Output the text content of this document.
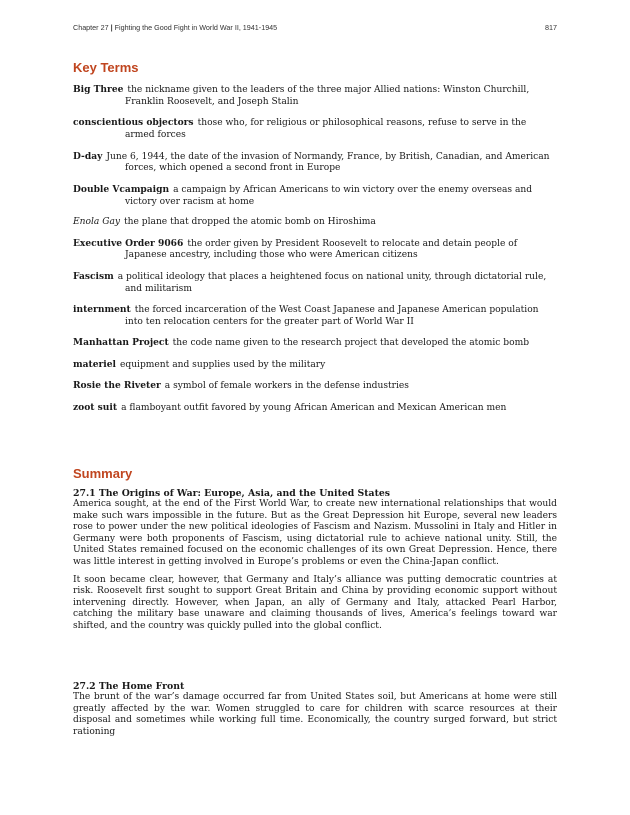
Chapter 27 | Fighting the Good Fight in World War II, 1941-1945	817
Key Terms
Big Three the nickname given to the leaders of the three major Allied nations: Winston Churchill, Franklin Roosevelt, and Joseph Stalin
conscientious objectors those who, for religious or philosophical reasons, refuse to serve in the armed forces
D-day June 6, 1944, the date of the invasion of Normandy, France, by British, Canadian, and American forces, which opened a second front in Europe
Double Vcampaign a campaign by African Americans to win victory over the enemy overseas and victory over racism at home
Enola Gay the plane that dropped the atomic bomb on Hiroshima
Executive Order 9066 the order given by President Roosevelt to relocate and detain people of Japanese ancestry, including those who were American citizens
Fascism a political ideology that places a heightened focus on national unity, through dictatorial rule, and militarism
internment the forced incarceration of the West Coast Japanese and Japanese American population into ten relocation centers for the greater part of World War II
Manhattan Project the code name given to the research project that developed the atomic bomb
materiel equipment and supplies used by the military
Rosie the Riveter a symbol of female workers in the defense industries
zoot suit a flamboyant outfit favored by young African American and Mexican American men
Summary
27.1 The Origins of War: Europe, Asia, and the United States

America sought, at the end of the First World War, to create new international relationships that would make such wars impossible in the future. But as the Great Depression hit Europe, several new leaders rose to power under the new political ideologies of Fascism and Nazism. Mussolini in Italy and Hitler in Germany were both proponents of Fascism, using dictatorial rule to achieve national unity. Still, the United States remained focused on the economic challenges of its own Great Depression. Hence, there was little interest in getting involved in Europe’s problems or even the China-Japan conflict.

It soon became clear, however, that Germany and Italy’s alliance was putting democratic countries at risk. Roosevelt first sought to support Great Britain and China by providing economic support without intervening directly. However, when Japan, an ally of Germany and Italy, attacked Pearl Harbor, catching the military base unaware and claiming thousands of lives, America’s feelings toward war shifted, and the country was quickly pulled into the global conflict.

27.2 The Home Front

The brunt of the war’s damage occurred far from United States soil, but Americans at home were still greatly affected by the war. Women struggled to care for children with scarce resources at their disposal and sometimes while working full time. Economically, the country surged forward, but strict rationing
